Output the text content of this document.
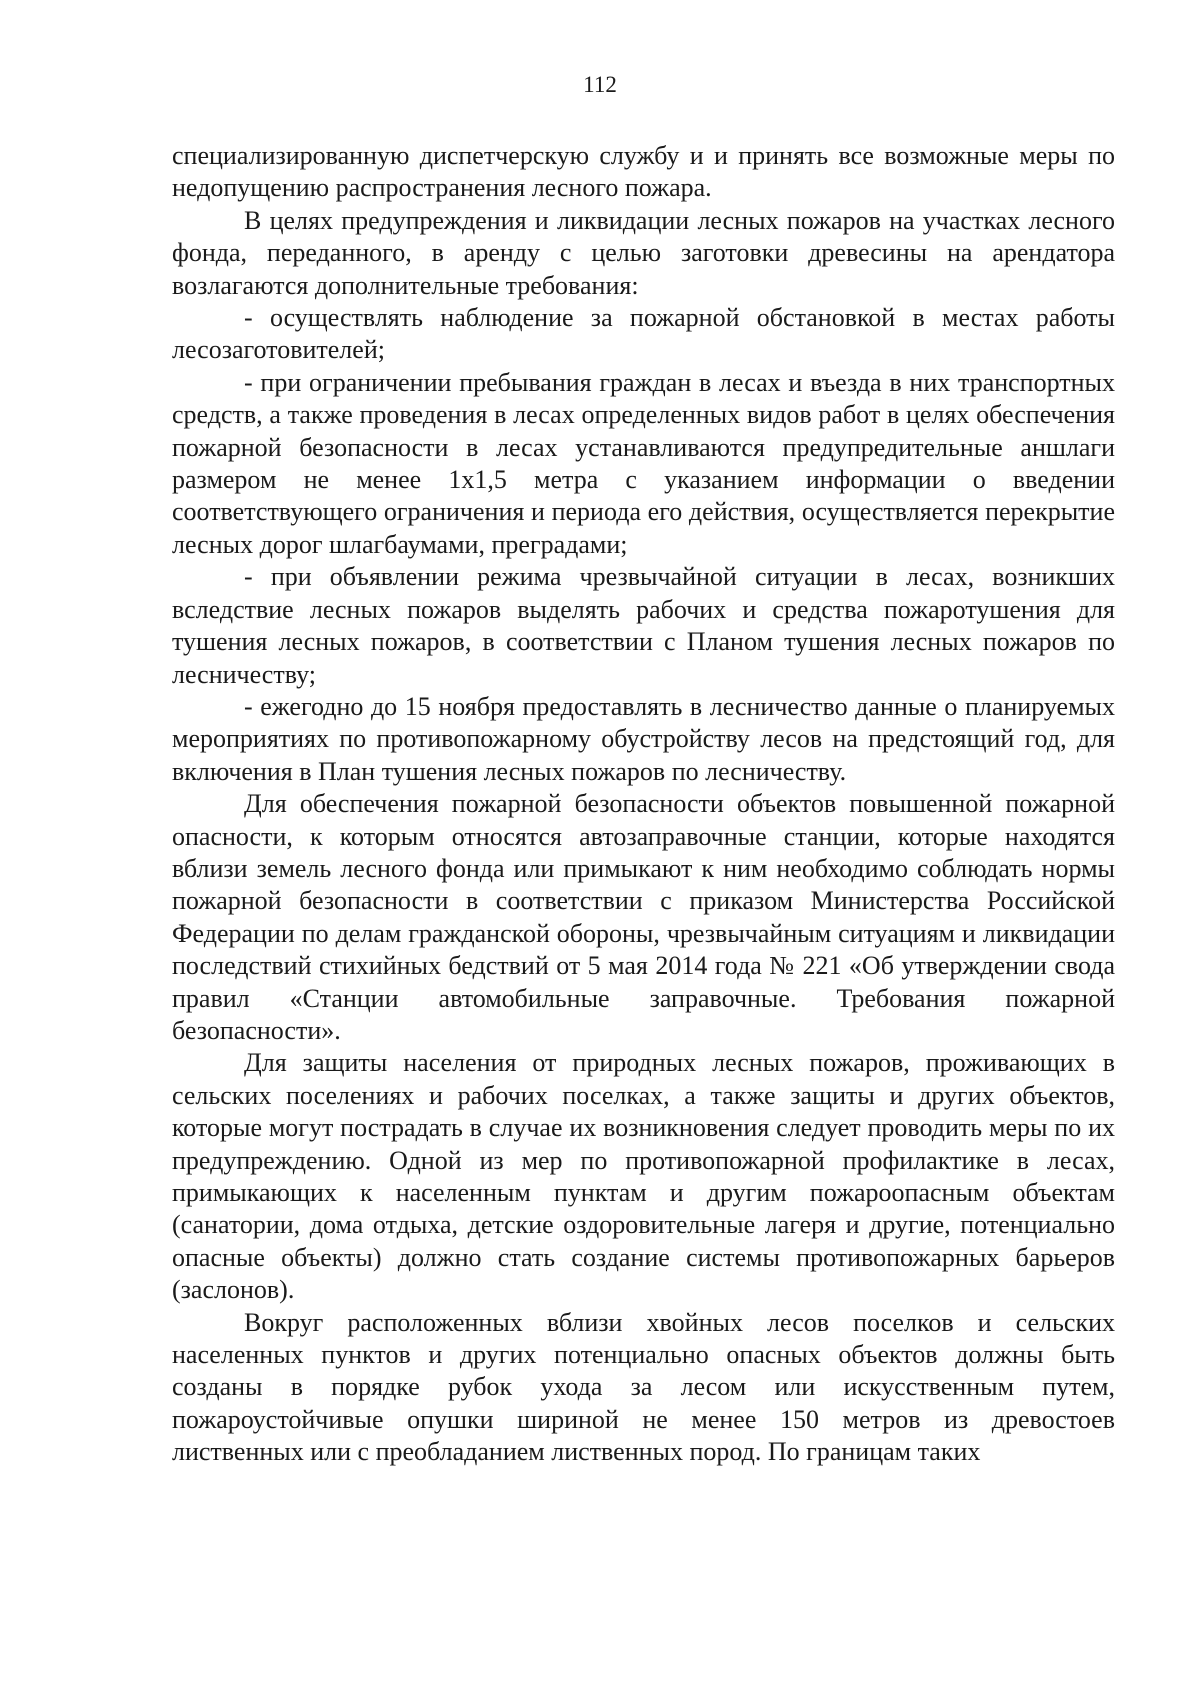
112

специализированную диспетчерскую службу и и принять все возможные меры по недопущению распространения лесного пожара.

В целях предупреждения и ликвидации лесных пожаров на участках лесного фонда, переданного, в аренду с целью заготовки древесины на арендатора возлагаются дополнительные требования:

- осуществлять наблюдение за пожарной обстановкой в местах работы лесозаготовителей;

- при ограничении пребывания граждан в лесах и въезда в них транспортных средств, а также проведения в лесах определенных видов работ в целях обеспечения пожарной безопасности в лесах устанавливаются предупредительные аншлаги размером не менее 1х1,5 метра с указанием информации о введении соответствующего ограничения и периода его действия, осуществляется перекрытие лесных дорог шлагбаумами, преградами;

- при объявлении режима чрезвычайной ситуации в лесах, возникших вследствие лесных пожаров выделять рабочих и средства пожаротушения для тушения лесных пожаров, в соответствии с Планом тушения лесных пожаров по лесничеству;

- ежегодно до 15 ноября предоставлять в лесничество данные о планируемых мероприятиях по противопожарному обустройству лесов на предстоящий год, для включения в План тушения лесных пожаров по лесничеству.

Для обеспечения пожарной безопасности объектов повышенной пожарной опасности, к которым относятся автозаправочные станции, которые находятся вблизи земель лесного фонда или примыкают к ним необходимо соблюдать нормы пожарной безопасности в соответствии с приказом Министерства Российской Федерации по делам гражданской обороны, чрезвычайным ситуациям и ликвидации последствий стихийных бедствий от 5 мая 2014 года № 221 «Об утверждении свода правил «Станции автомобильные заправочные. Требования пожарной безопасности».

Для защиты населения от природных лесных пожаров, проживающих в сельских поселениях и рабочих поселках, а также защиты и других объектов, которые могут пострадать в случае их возникновения следует проводить меры по их предупреждению. Одной из мер по противопожарной профилактике в лесах, примыкающих к населенным пунктам и другим пожароопасным объектам (санатории, дома отдыха, детские оздоровительные лагеря и другие, потенциально опасные объекты) должно стать создание системы противопожарных барьеров (заслонов).

Вокруг расположенных вблизи хвойных лесов поселков и сельских населенных пунктов и других потенциально опасных объектов должны быть созданы в порядке рубок ухода за лесом или искусственным путем, пожароустойчивые опушки шириной не менее 150 метров из древостоев лиственных или с преобладанием лиственных пород. По границам таких
